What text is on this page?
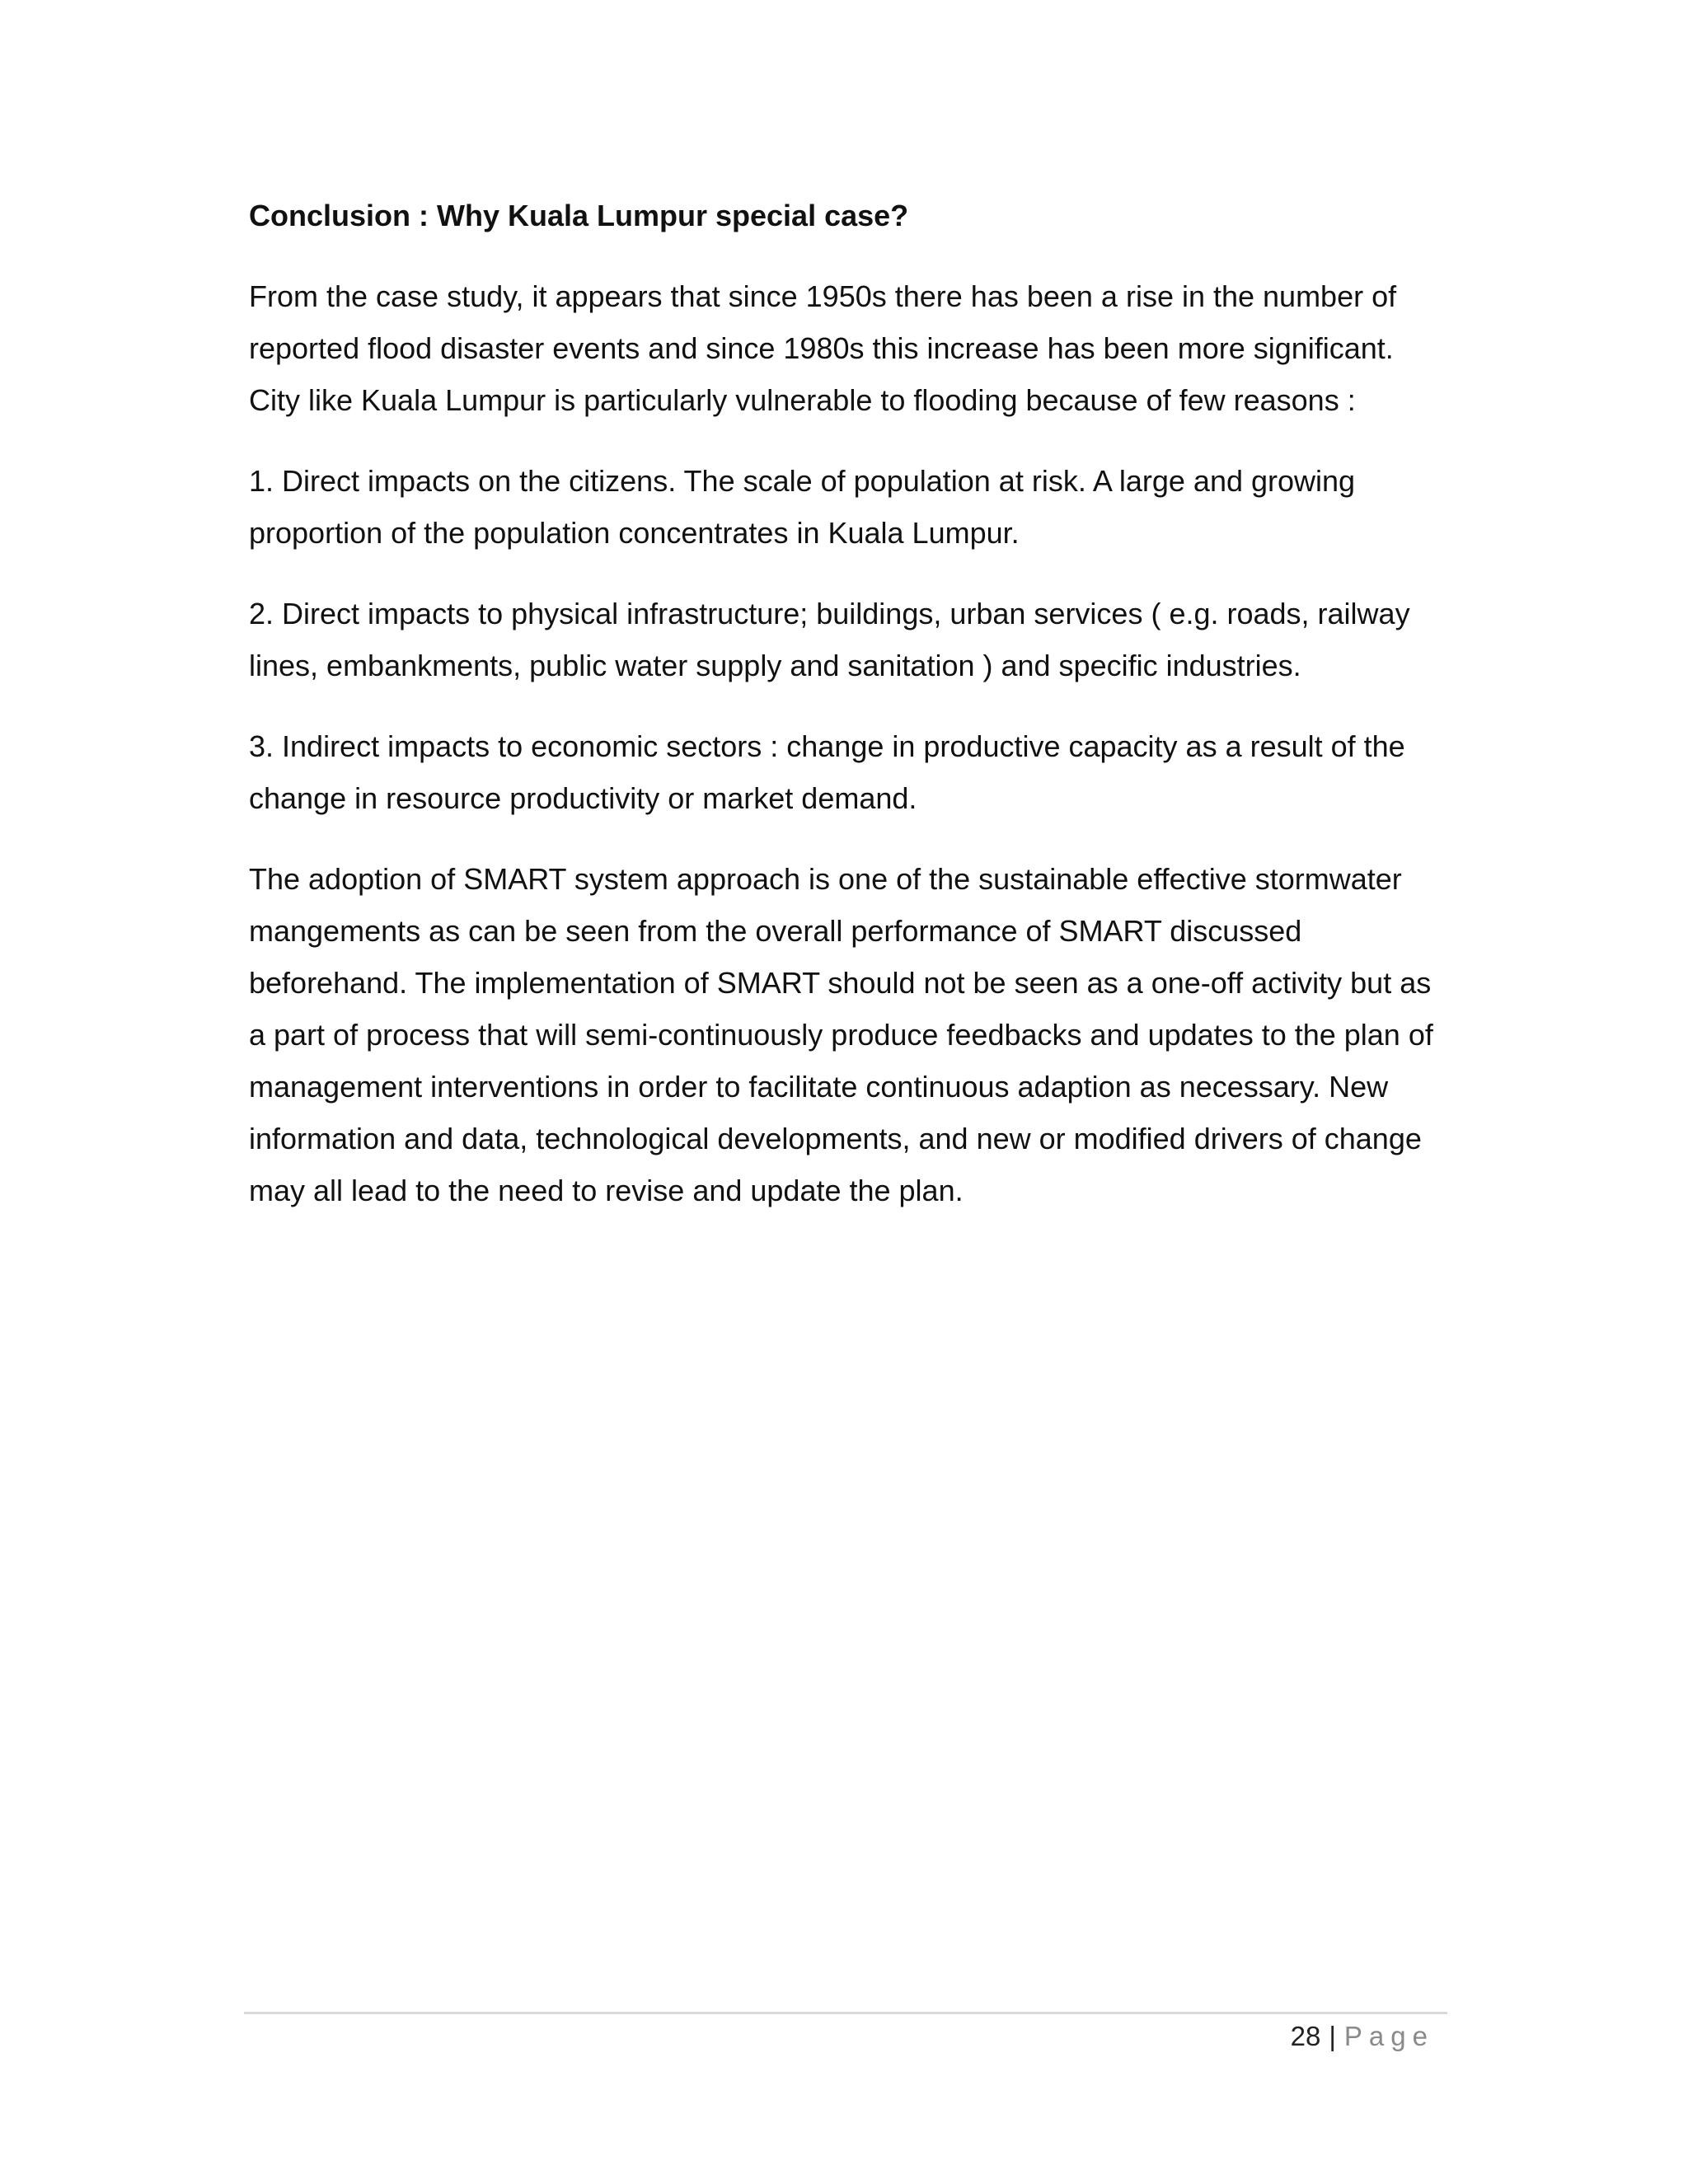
Conclusion : Why Kuala Lumpur special case?

From the case study, it appears that since 1950s there has been a rise in the number of reported flood disaster events and since 1980s this increase has been more significant. City like Kuala Lumpur is particularly vulnerable to flooding because of few reasons :

1. Direct impacts on the citizens. The scale of population at risk. A large and growing proportion of the population concentrates in Kuala Lumpur.

2. Direct impacts to physical infrastructure; buildings, urban services ( e.g. roads, railway lines, embankments, public water supply and sanitation ) and specific industries.

3. Indirect impacts to economic sectors : change in productive capacity as a result of the change in resource productivity or market demand.

The adoption of SMART system approach is one of the sustainable effective stormwater mangements as can be seen from the overall performance of SMART discussed beforehand. The implementation of SMART should not be seen as a one-off activity but as a part of process that will semi-continuously produce feedbacks and updates to the plan of management interventions in order to facilitate continuous adaption as necessary. New information and data, technological developments, and new or modified drivers of change may all lead to the need to revise and update the plan.

28 | Page
